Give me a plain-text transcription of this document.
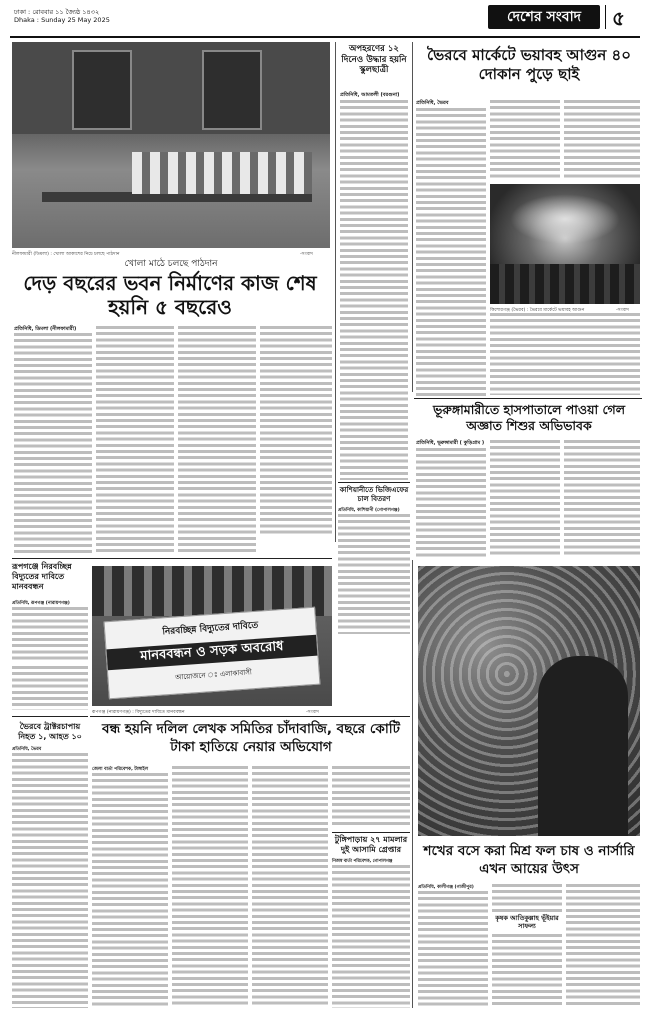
ঢাকা : রোববার ১১ জ্যৈষ্ঠ ১৪৩২
Dhaka : Sunday 25 May 2025	দেশের সংবাদ	৫
নীলফামারী (ডিমলা) : খোলা আকাশের নিচে চলছে পাঠদান	-সংবাদ
খোলা মাঠে চলছে পাঠদান
দেড় বছরের ভবন নির্মাণের কাজ শেষ হয়নি ৫ বছরেও
প্রতিনিধি, ডিমলা (নীলফামারী)
অপহরণের ১২ দিনেও উদ্ধার হয়নি স্কুলছাত্রী
প্রতিনিধি, আমতলী (বরগুনা)
ভৈরবে মার্কেটে ভয়াবহ আগুন ৪০ দোকান পুড়ে ছাই
প্রতিনিধি, ভৈরব
কিশোরগঞ্জ (ভৈরব) : ভৈরবে মার্কেটে ভয়াবহ আগুন	-সংবাদ
ভূরুঙ্গামারীতে হাসপাতালে পাওয়া গেল অজ্ঞাত শিশুর অভিভাবক
প্রতিনিধি, ভূরুঙ্গামারী ( কুড়িগ্রাম )
কাশিয়ানীতে ভিজিএফের চাল বিতরণ
প্রতিনিধি, কাশিয়ানী (গোপালগঞ্জ)
রূপগঞ্জে নিরবচ্ছিন্ন বিদ্যুতের দাবিতে মানববন্ধন
প্রতিনিধি, রূপগঞ্জ (নারায়ণগঞ্জ)
নিরবচ্ছিন্ন বিদ্যুতের দাবিতে
মানববন্ধন ও সড়ক অবরোধ
আয়োজনে ঃ এলাকাবাসী
রূপগঞ্জ (নারায়ণগঞ্জ) : বিদ্যুতের দাবিতে মানববন্ধন	-সংবাদ
বন্ধ হয়নি দলিল লেখক সমিতির চাঁদাবাজি, বছরে কোটি টাকা হাতিয়ে নেয়ার অভিযোগ
জেলা বার্তা পরিবেশক, টাঙ্গাইল
ভৈরবে ট্রাক্টরচাপায় নিহত ১, আহত ১০
প্রতিনিধি, ভৈরব
টুঙ্গিপাড়ায় ২৭ মামলার দুই আসামি গ্রেপ্তার
নিজস্ব বার্তা পরিবেশক, গোপালগঞ্জ
শখের বসে করা মিশ্র ফল চাষ ও নার্সারি এখন আয়ের উৎস
প্রতিনিধি, কালীগঞ্জ (গাজীপুর)
কৃষক আতিকুল্লাহ ভূঁইয়ার সাফল্য
